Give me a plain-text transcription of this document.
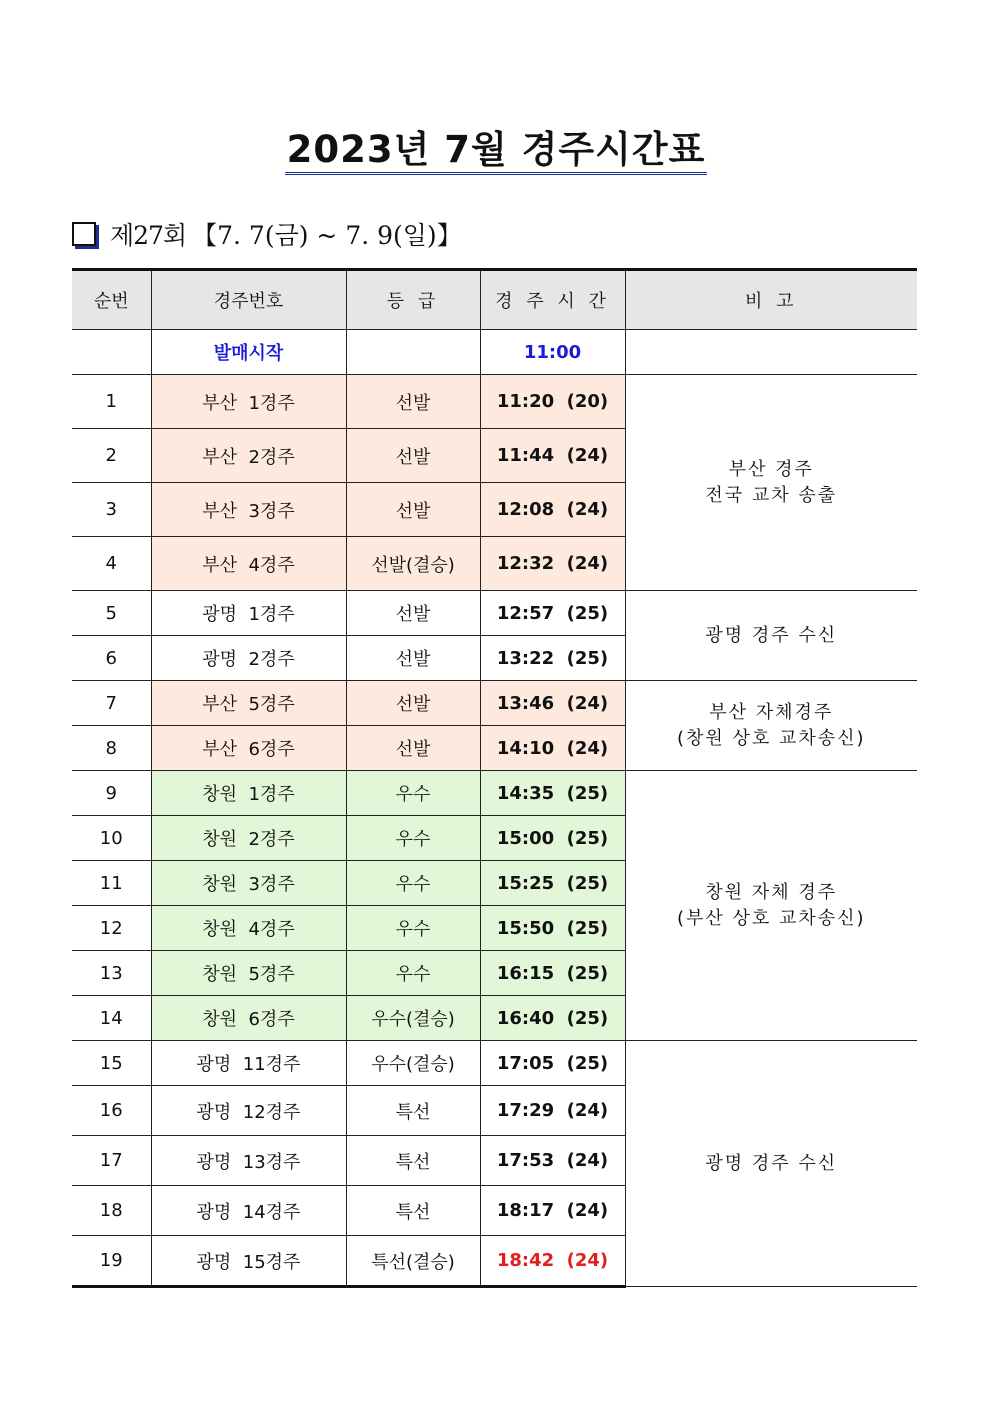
2023년 7월 경주시간표
제27회 【7. 7(금) ~ 7. 9(일)】
순번	경주번호	등 급	경 주 시 간	비 고
	발매시작		11:00	
1	부산  1경주	선발	11:20  (20)	부산 경주
전국 교차 송출

2	부산  2경주	선발	11:44  (24)	
3	부산  3경주	선발	12:08  (24)	
4	부산  4경주	선발(결승)	12:32  (24)	
5	광명  1경주	선발	12:57  (25)	광명 경주 수신

6	광명  2경주	선발	13:22  (25)	
7	부산  5경주	선발	13:46  (24)	부산 자체경주
(창원 상호 교차송신)

8	부산  6경주	선발	14:10  (24)	
9	창원  1경주	우수	14:35  (25)	창원 자체 경주
(부산 상호 교차송신)

10	창원  2경주	우수	15:00  (25)	
11	창원  3경주	우수	15:25  (25)	
12	창원  4경주	우수	15:50  (25)	
13	창원  5경주	우수	16:15  (25)	
14	창원  6경주	우수(결승)	16:40  (25)	
15	광명  11경주	우수(결승)	17:05  (25)	광명 경주 수신

16	광명  12경주	특선	17:29  (24)	
17	광명  13경주	특선	17:53  (24)	
18	광명  14경주	특선	18:17  (24)	
19	광명  15경주	특선(결승)	18:42  (24)	
